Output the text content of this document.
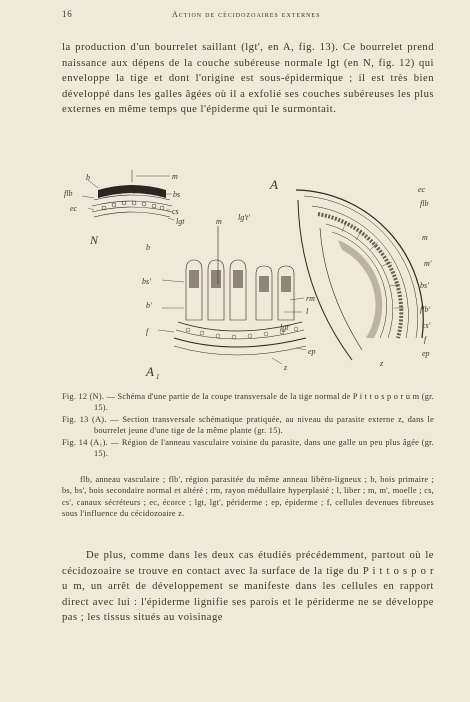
16	Action de cécidozoaires externes
la production d'un bourrelet saillant (lgt', en A, fig. 13). Ce bourrelet prend naissance aux dépens de la couche subéreuse normale lgt (en N, fig. 12) qui enveloppe la tige et dont l'origine est sous-épidermique ; il est très bien développé dans les galles âgées où il a exfolié ses couches subéreuses les plus externes en même temps que l'épiderme qui le surmontait.
b	m
flb	bs
ec	cs
lgt
N
A	ec
flb
lg't'
m
m'
bs'
flb'
cs'
f
ep
z
m
b
bs'
b'
f
rm
l
lgt'
ep
z
A 1

Fig. 12 (N). — Schéma d'une partie de la coupe transversale de la tige normal de P i t t o s p o r u m (gr. 15).

Fig. 13 (A). — Section transversale schématique pratiquée, au niveau du parasite externe z, dans le bourrelet jeune d'une tige de la même plante (gr. 15).

Fig. 14 (A₁). — Région de l'anneau vasculaire voisine du parasite, dans une galle un peu plus âgée (gr. 15).

flb, anneau vasculaire ; flb', région parasitée du même anneau libéro-ligneux ; b, bois primaire ; bs, bs', bois secondaire normal et altéré ; rm, rayon médullaire hyperplasié ; l, liber ; m, m', moelle ; cs, cs', canaux sécréteurs ; ec, écorce ; lgt, lgt', périderme ; ep, épiderme ; f, cellules devenues fibreuses sous l'influence du cécidozoaire z.
De plus, comme dans les deux cas étudiés précédemment, partout où le cécidozoaire se trouve en contact avec la surface de la tige du P i t t o s p o r u m, un arrêt de développement se manifeste dans les cellules en rapport direct avec lui : l'épiderme lignifie ses parois et le périderme ne se développe pas ; les tissus situés au voisinage
